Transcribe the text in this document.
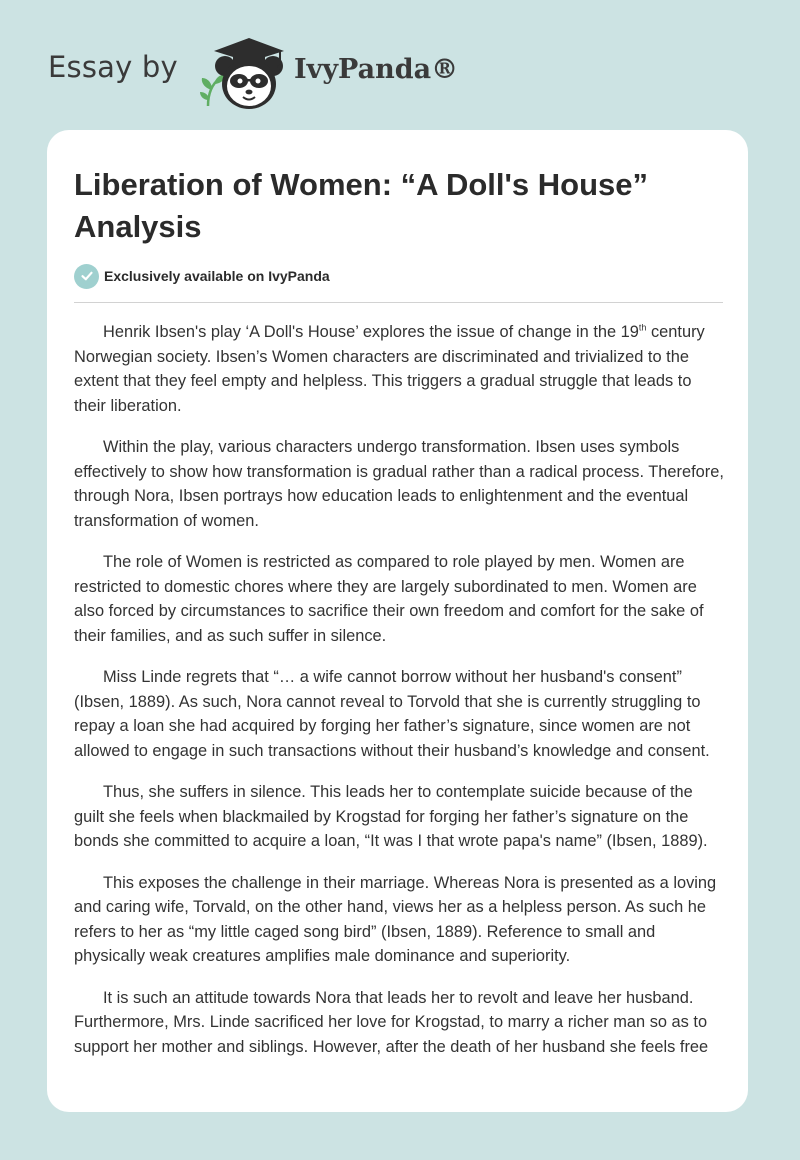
Essay by	IvyPanda®
Liberation of Women: “A Doll's House” Analysis
Exclusively available on IvyPanda

Henrik Ibsen's play ‘A Doll's House’ explores the issue of change in the 19th century Norwegian society. Ibsen’s Women characters are discriminated and trivialized to the extent that they feel empty and helpless. This triggers a gradual struggle that leads to their liberation.

Within the play, various characters undergo transformation. Ibsen uses symbols effectively to show how transformation is gradual rather than a radical process. Therefore, through Nora, Ibsen portrays how education leads to enlightenment and the eventual transformation of women.

The role of Women is restricted as compared to role played by men. Women are restricted to domestic chores where they are largely subordinated to men. Women are also forced by circumstances to sacrifice their own freedom and comfort for the sake of their families, and as such suffer in silence.

Miss Linde regrets that “… a wife cannot borrow without her husband's consent” (Ibsen, 1889). As such, Nora cannot reveal to Torvold that she is currently struggling to repay a loan she had acquired by forging her father’s signature, since women are not allowed to engage in such transactions without their husband’s knowledge and consent.

Thus, she suffers in silence. This leads her to contemplate suicide because of the guilt she feels when blackmailed by Krogstad for forging her father’s signature on the bonds she committed to acquire a loan, “It was I that wrote papa's name” (Ibsen, 1889).

This exposes the challenge in their marriage. Whereas Nora is presented as a loving and caring wife, Torvald, on the other hand, views her as a helpless person. As such he refers to her as “my little caged song bird” (Ibsen, 1889). Reference to small and physically weak creatures amplifies male dominance and superiority.

It is such an attitude towards Nora that leads her to revolt and leave her husband. Furthermore, Mrs. Linde sacrificed her love for Krogstad, to marry a richer man so as to support her mother and siblings. However, after the death of her husband she feels free
